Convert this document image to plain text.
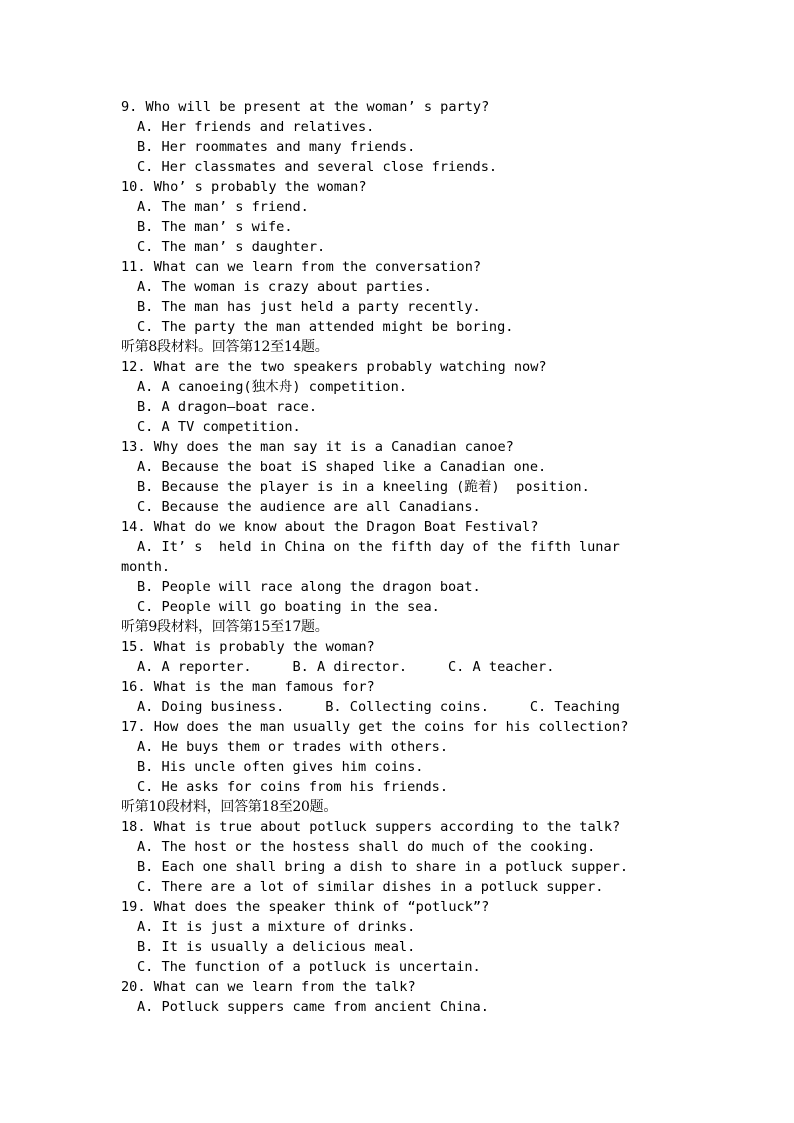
9. Who will be present at the woman’ s party?
A. Her friends and relatives.
B. Her roommates and many friends.
C. Her classmates and several close friends.
10. Who’ s probably the woman?
A. The man’ s friend.
B. The man’ s wife.
C. The man’ s daughter.
11. What can we learn from the conversation?
A. The woman is crazy about parties.
B. The man has just held a party recently.
C. The party the man attended might be boring.
听第8段材料。回答第12至14题。
12. What are the two speakers probably watching now?
A. A canoeing(独木舟) competition.
B. A dragon—boat race.
C. A TV competition.
13. Why does the man say it is a Canadian canoe?
A. Because the boat iS shaped like a Canadian one.
B. Because the player is in a kneeling (跪着)  position.
C. Because the audience are all Canadians.
14. What do we know about the Dragon Boat Festival?
A. It’ s  held in China on the fifth day of the fifth lunar
month.
B. People will race along the dragon boat.
C. People will go boating in the sea.
听第9段材料，回答第15至17题。
15. What is probably the woman?
A. A reporter.     B. A director.     C. A teacher.
16. What is the man famous for?
A. Doing business.     B. Collecting coins.     C. Teaching
17. How does the man usually get the coins for his collection?
A. He buys them or trades with others.
B. His uncle often gives him coins.
C. He asks for coins from his friends.
听第10段材料，回答第18至20题。
18. What is true about potluck suppers according to the talk?
A. The host or the hostess shall do much of the cooking.
B. Each one shall bring a dish to share in a potluck supper.
C. There are a lot of similar dishes in a potluck supper.
19. What does the speaker think of “potluck”?
A. It is just a mixture of drinks.
B. It is usually a delicious meal.
C. The function of a potluck is uncertain.
20. What can we learn from the talk?
A. Potluck suppers came from ancient China.
